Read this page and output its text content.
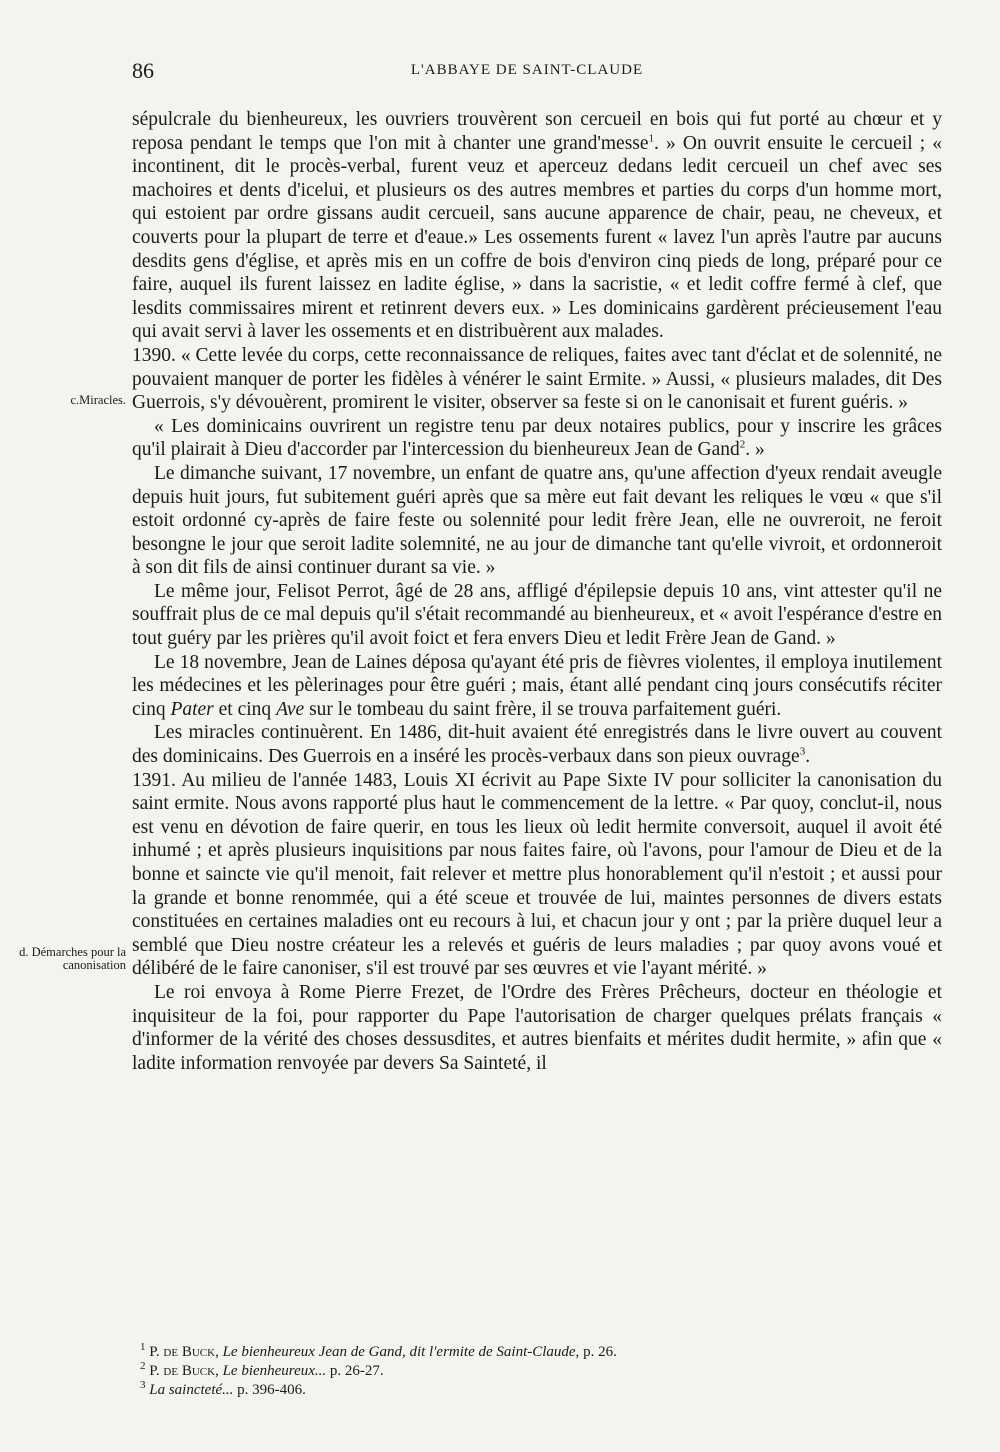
86	L'ABBAYE DE SAINT-CLAUDE
c.Miracles.
d. Démarches pour la canonisation

sépulcrale du bienheureux, les ouvriers trouvèrent son cercueil en bois qui fut porté au chœur et y reposa pendant le temps que l'on mit à chanter une grand'messe$^1$. » On ouvrit ensuite le cercueil ; « incontinent, dit le procès-verbal, furent veuz et aperceuz dedans ledit cercueil un chef avec ses machoires et dents d'icelui, et plusieurs os des autres membres et parties du corps d'un homme mort, qui estoient par ordre gissans audit cercueil, sans aucune apparence de chair, peau, ne cheveux, et couverts pour la plupart de terre et d'eaue.» Les ossements furent « lavez l'un après l'autre par aucuns desdits gens d'église, et après mis en un coffre de bois d'environ cinq pieds de long, préparé pour ce faire, auquel ils furent laissez en ladite église, » dans la sacristie, « et ledit coffre fermé à clef, que lesdits commissaires mirent et retinrent devers eux. » Les dominicains gardèrent précieusement l'eau qui avait servi à laver les ossements et en distribuèrent aux malades.

1390. « Cette levée du corps, cette reconnaissance de reliques, faites avec tant d'éclat et de solennité, ne pouvaient manquer de porter les fidèles à vénérer le saint Ermite. » Aussi, « plusieurs malades, dit Des Guerrois, s'y dévouèrent, promirent le visiter, observer sa feste si on le canonisait et furent guéris. »

« Les dominicains ouvrirent un registre tenu par deux notaires publics, pour y inscrire les grâces qu'il plairait à Dieu d'accorder par l'intercession du bienheureux Jean de Gand$^2$. »

Le dimanche suivant, 17 novembre, un enfant de quatre ans, qu'une affection d'yeux rendait aveugle depuis huit jours, fut subitement guéri après que sa mère eut fait devant les reliques le vœu « que s'il estoit ordonné cy-après de faire feste ou solennité pour ledit frère Jean, elle ne ouvreroit, ne feroit besongne le jour que seroit ladite solemnité, ne au jour de dimanche tant qu'elle vivroit, et ordonneroit à son dit fils de ainsi continuer durant sa vie. »

Le même jour, Felisot Perrot, âgé de 28 ans, affligé d'épilepsie depuis 10 ans, vint attester qu'il ne souffrait plus de ce mal depuis qu'il s'était recommandé au bienheureux, et « avoit l'espérance d'estre en tout guéry par les prières qu'il avoit foict et fera envers Dieu et ledit Frère Jean de Gand. »

Le 18 novembre, Jean de Laines déposa qu'ayant été pris de fièvres violentes, il employa inutilement les médecines et les pèlerinages pour être guéri ; mais, étant allé pendant cinq jours consécutifs réciter cinq Pater et cinq Ave sur le tombeau du saint frère, il se trouva parfaitement guéri.

Les miracles continuèrent. En 1486, dit-huit avaient été enregistrés dans le livre ouvert au couvent des dominicains. Des Guerrois en a inséré les procès-verbaux dans son pieux ouvrage$^3$.

1391. Au milieu de l'année 1483, Louis XI écrivit au Pape Sixte IV pour solliciter la canonisation du saint ermite. Nous avons rapporté plus haut le commencement de la lettre. « Par quoy, conclut-il, nous est venu en dévotion de faire querir, en tous les lieux où ledit hermite conversoit, auquel il avoit été inhumé ; et après plusieurs inquisitions par nous faites faire, où l'avons, pour l'amour de Dieu et de la bonne et saincte vie qu'il menoit, fait relever et mettre plus honorablement qu'il n'estoit ; et aussi pour la grande et bonne renommée, qui a été sceue et trouvée de lui, maintes personnes de divers estats constituées en certaines maladies ont eu recours à lui, et chacun jour y ont ; par la prière duquel leur a semblé que Dieu nostre créateur les a relevés et guéris de leurs maladies ; par quoy avons voué et délibéré de le faire canoniser, s'il est trouvé par ses œuvres et vie l'ayant mérité. »

Le roi envoya à Rome Pierre Frezet, de l'Ordre des Frères Prêcheurs, docteur en théologie et inquisiteur de la foi, pour rapporter du Pape l'autorisation de charger quelques prélats français « d'informer de la vérité des choses dessusdites, et autres bienfaits et mérites dudit hermite, » afin que « ladite information renvoyée par devers Sa Sainteté, il

$^1$ P. de Buck, Le bienheureux Jean de Gand, dit l'ermite de Saint-Claude, p. 26.
$^2$ P. de Buck, Le bienheureux... p. 26-27.
$^3$ La saincteté... p. 396-406.
